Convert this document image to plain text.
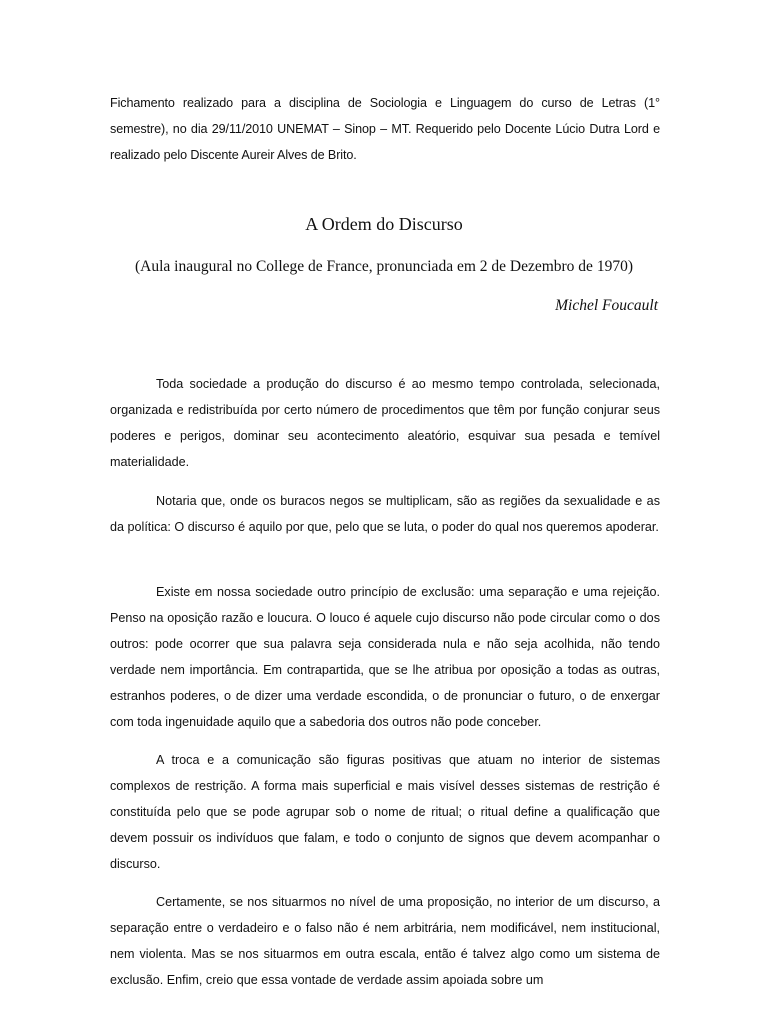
Fichamento realizado para a disciplina de Sociologia e Linguagem do curso de Letras (1° semestre), no dia 29/11/2010 UNEMAT – Sinop – MT. Requerido pelo Docente Lúcio Dutra Lord e realizado pelo Discente Aureir Alves de Brito.
A Ordem do Discurso
(Aula inaugural no College de France, pronunciada em 2 de Dezembro de 1970)
Michel Foucault

Toda sociedade a produção do discurso é ao mesmo tempo controlada, selecionada, organizada e redistribuída por certo número de procedimentos que têm por função conjurar seus poderes e perigos, dominar seu acontecimento aleatório, esquivar sua pesada e temível materialidade.

Notaria que, onde os buracos negos se multiplicam, são as regiões da sexualidade e as da política: O discurso é aquilo por que, pelo que se luta, o poder do qual nos queremos apoderar.

Existe em nossa sociedade outro princípio de exclusão: uma separação e uma rejeição. Penso na oposição razão e loucura. O louco é aquele cujo discurso não pode circular como o dos outros: pode ocorrer que sua palavra seja considerada nula e não seja acolhida, não tendo verdade nem importância. Em contrapartida, que se lhe atribua por oposição a todas as outras, estranhos poderes, o de dizer uma verdade escondida, o de pronunciar o futuro, o de enxergar com toda ingenuidade aquilo que a sabedoria dos outros não pode conceber.

A troca e a comunicação são figuras positivas que atuam no interior de sistemas complexos de restrição. A forma mais superficial e mais visível desses sistemas de restrição é constituída pelo que se pode agrupar sob o nome de ritual; o ritual define a qualificação que devem possuir os indivíduos que falam, e todo o conjunto de signos que devem acompanhar o discurso.

Certamente, se nos situarmos no nível de uma proposição, no interior de um discurso, a separação entre o verdadeiro e o falso não é nem arbitrária, nem modificável, nem institucional, nem violenta. Mas se nos situarmos em outra escala, então é talvez algo como um sistema de exclusão. Enfim, creio que essa vontade de verdade assim apoiada sobre um
